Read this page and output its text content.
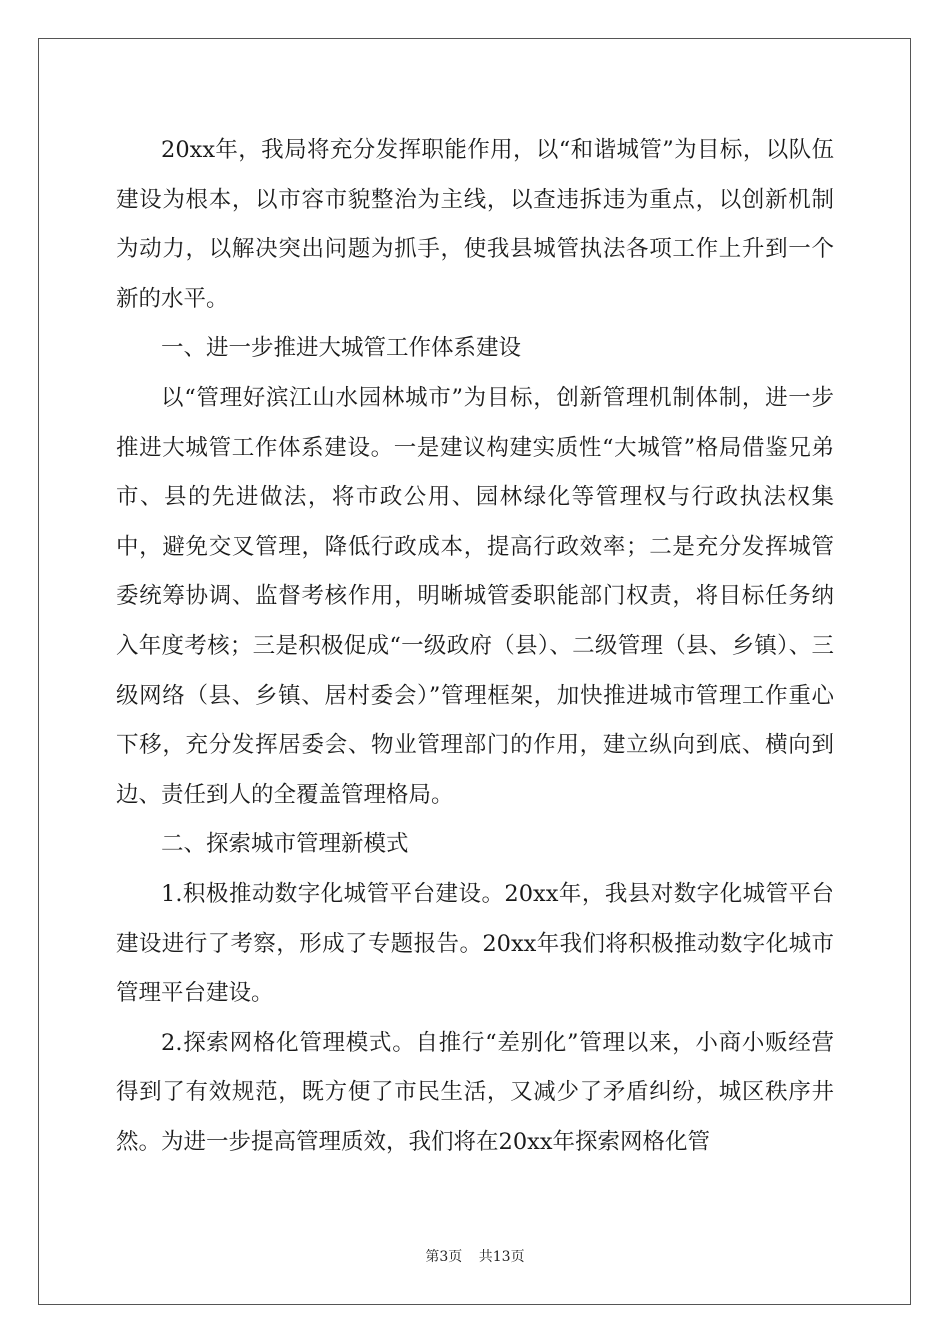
20xx年，我局将充分发挥职能作用，以“和谐城管”为目标，以队伍建设为根本，以市容市貌整治为主线，以查违拆违为重点，以创新机制为动力，以解决突出问题为抓手，使我县城管执法各项工作上升到一个新的水平。

一、进一步推进大城管工作体系建设

以“管理好滨江山水园林城市”为目标，创新管理机制体制，进一步推进大城管工作体系建设。一是建议构建实质性“大城管”格局借鉴兄弟市、县的先进做法，将市政公用、园林绿化等管理权与行政执法权集中，避免交叉管理，降低行政成本，提高行政效率；二是充分发挥城管委统筹协调、监督考核作用，明晰城管委职能部门权责，将目标任务纳入年度考核；三是积极促成“一级政府（县）、二级管理（县、乡镇）、三级网络（县、乡镇、居村委会）”管理框架，加快推进城市管理工作重心下移，充分发挥居委会、物业管理部门的作用，建立纵向到底、横向到边、责任到人的全覆盖管理格局。

二、探索城市管理新模式

1.积极推动数字化城管平台建设。20xx年，我县对数字化城管平台建设进行了考察，形成了专题报告。20xx年我们将积极推动数字化城市管理平台建设。

2.探索网格化管理模式。自推行“差别化”管理以来，小商小贩经营得到了有效规范，既方便了市民生活，又减少了矛盾纠纷，城区秩序井然。为进一步提高管理质效，我们将在20xx年探索网格化管

第3页 共13页
